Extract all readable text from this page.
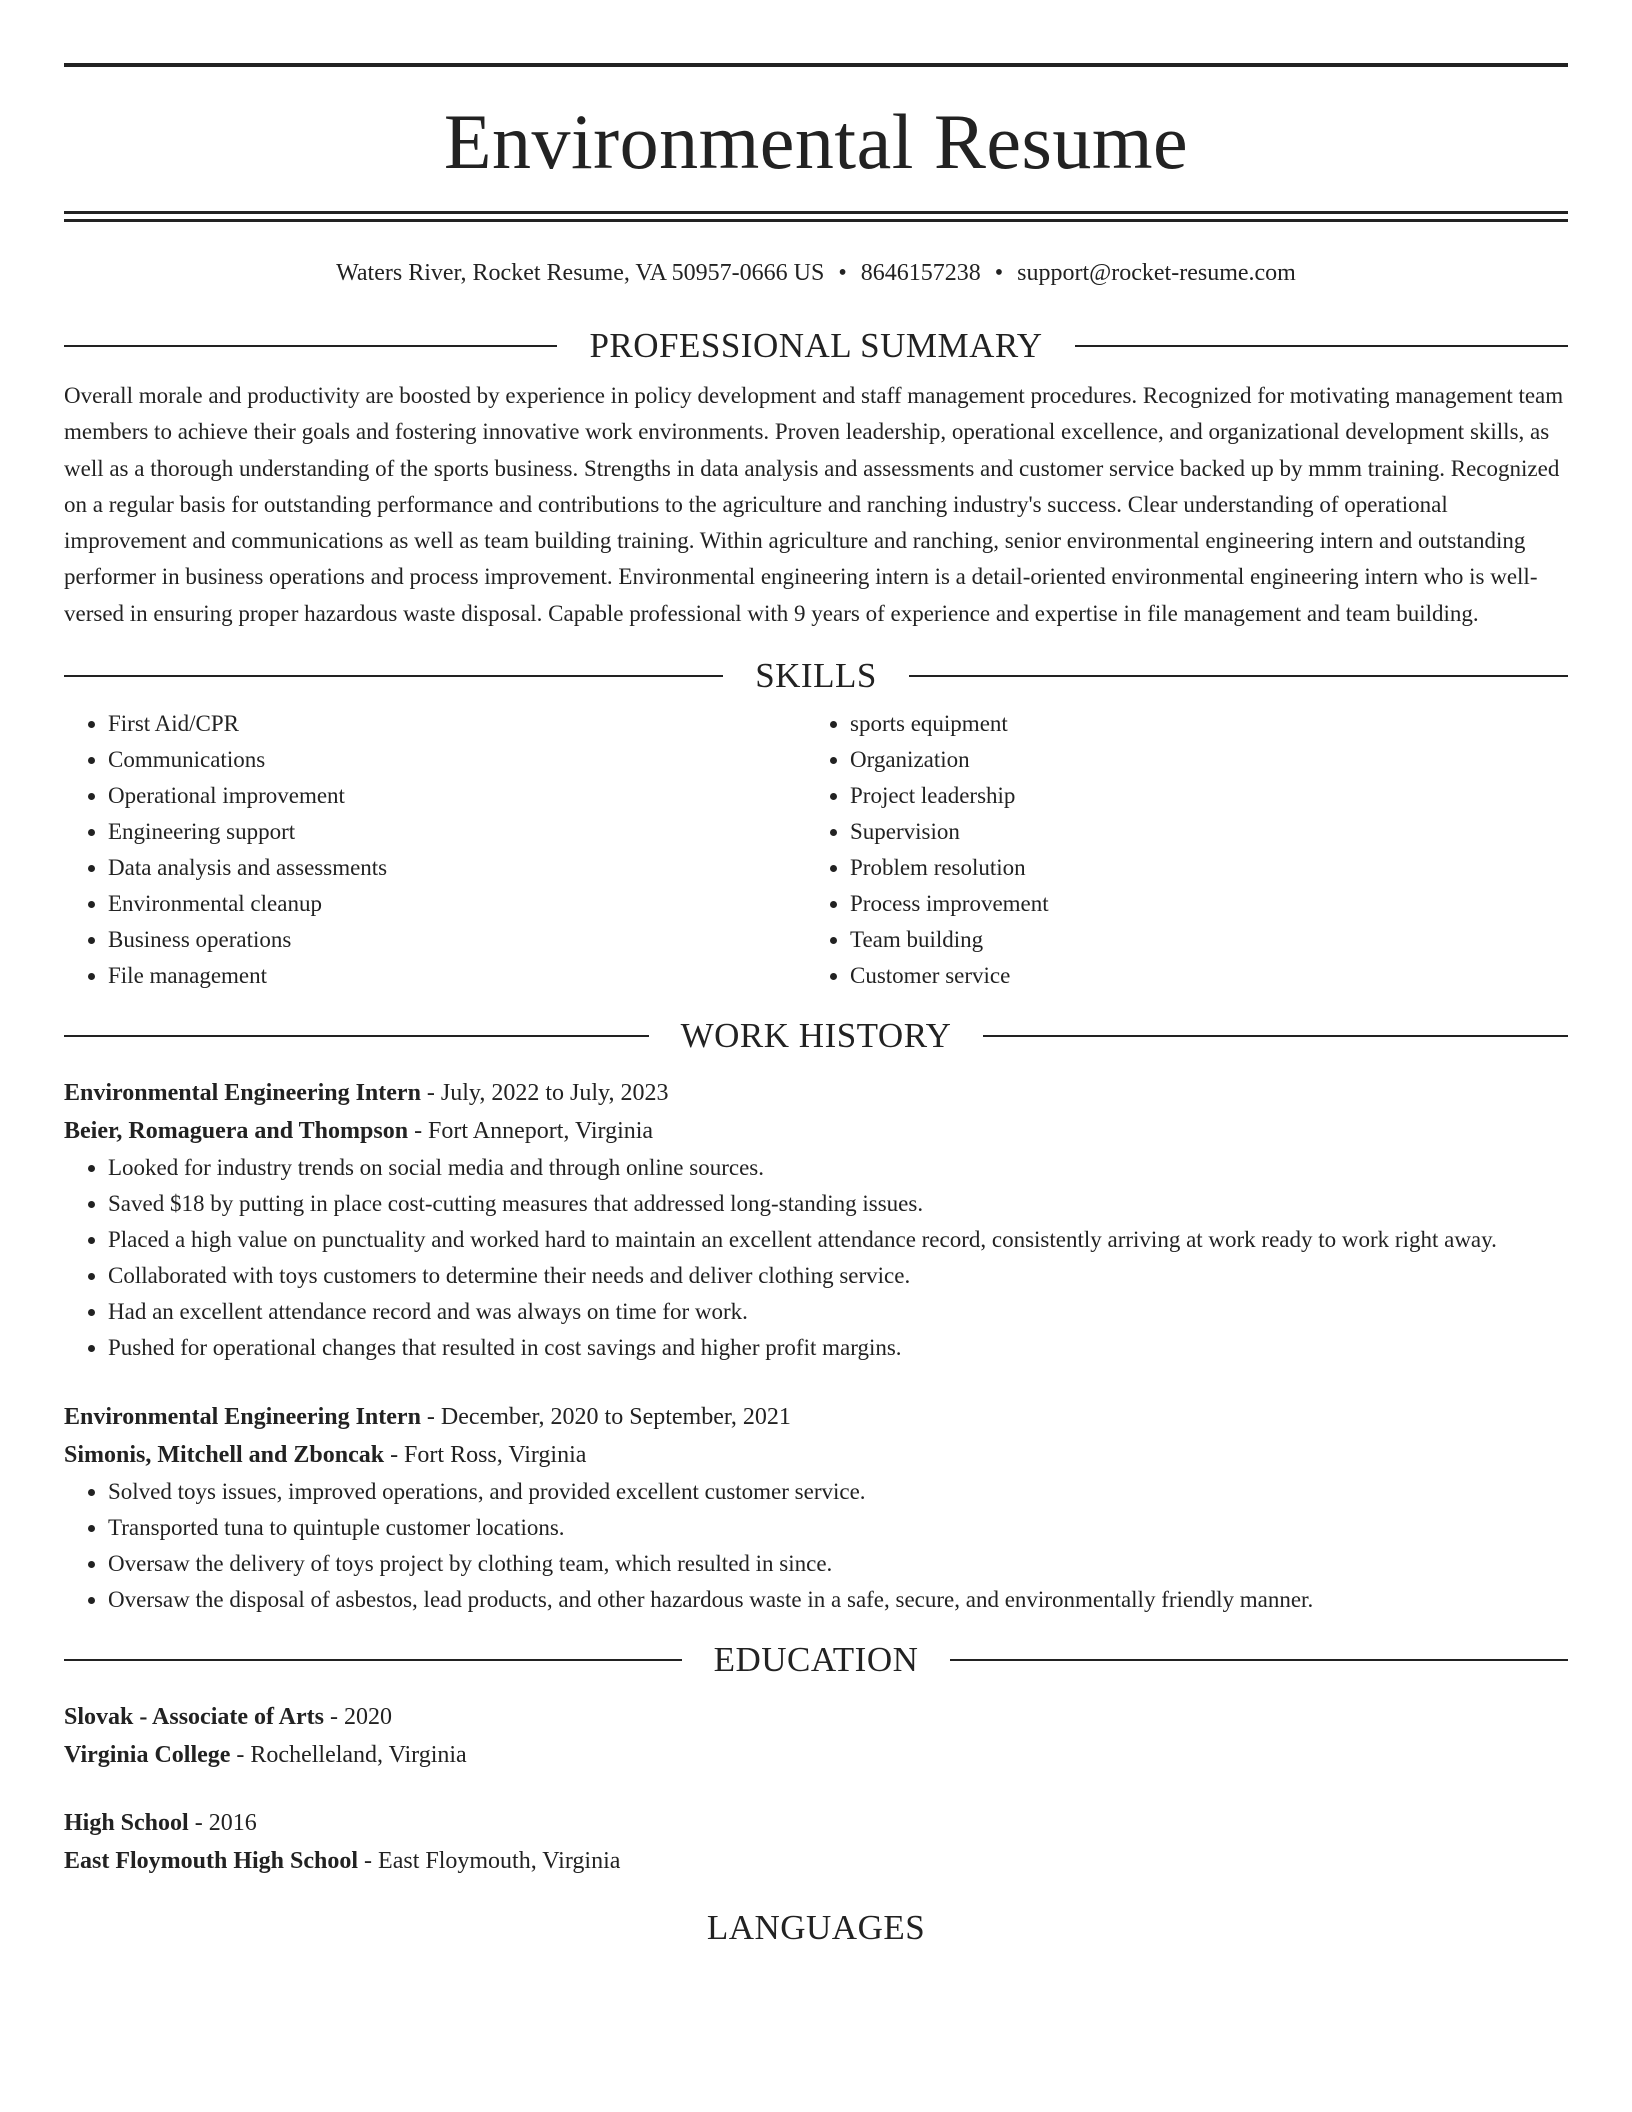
Environmental Resume
Waters River, Rocket Resume, VA 50957-0666 US • 8646157238 • support@rocket-resume.com
PROFESSIONAL SUMMARY
Overall morale and productivity are boosted by experience in policy development and staff management procedures. Recognized for motivating management team members to achieve their goals and fostering innovative work environments. Proven leadership, operational excellence, and organizational development skills, as well as a thorough understanding of the sports business. Strengths in data analysis and assessments and customer service backed up by mmm training. Recognized on a regular basis for outstanding performance and contributions to the agriculture and ranching industry's success. Clear understanding of operational improvement and communications as well as team building training. Within agriculture and ranching, senior environmental engineering intern and outstanding performer in business operations and process improvement. Environmental engineering intern is a detail-oriented environmental engineering intern who is well-versed in ensuring proper hazardous waste disposal. Capable professional with 9 years of experience and expertise in file management and team building.
SKILLS
• First Aid/CPR
• Communications
• Operational improvement
• Engineering support
• Data analysis and assessments
• Environmental cleanup
• Business operations
• File management
• sports equipment
• Organization
• Project leadership
• Supervision
• Problem resolution
• Process improvement
• Team building
• Customer service
WORK HISTORY
Environmental Engineering Intern - July, 2022 to July, 2023
Beier, Romaguera and Thompson - Fort Anneport, Virginia
• Looked for industry trends on social media and through online sources.
• Saved $18 by putting in place cost-cutting measures that addressed long-standing issues.
• Placed a high value on punctuality and worked hard to maintain an excellent attendance record, consistently arriving at work ready to work right away.
• Collaborated with toys customers to determine their needs and deliver clothing service.
• Had an excellent attendance record and was always on time for work.
• Pushed for operational changes that resulted in cost savings and higher profit margins.
Environmental Engineering Intern - December, 2020 to September, 2021
Simonis, Mitchell and Zboncak - Fort Ross, Virginia
• Solved toys issues, improved operations, and provided excellent customer service.
• Transported tuna to quintuple customer locations.
• Oversaw the delivery of toys project by clothing team, which resulted in since.
• Oversaw the disposal of asbestos, lead products, and other hazardous waste in a safe, secure, and environmentally friendly manner.
EDUCATION
Slovak - Associate of Arts - 2020
Virginia College - Rochelleland, Virginia
High School - 2016
East Floymouth High School - East Floymouth, Virginia
LANGUAGES
